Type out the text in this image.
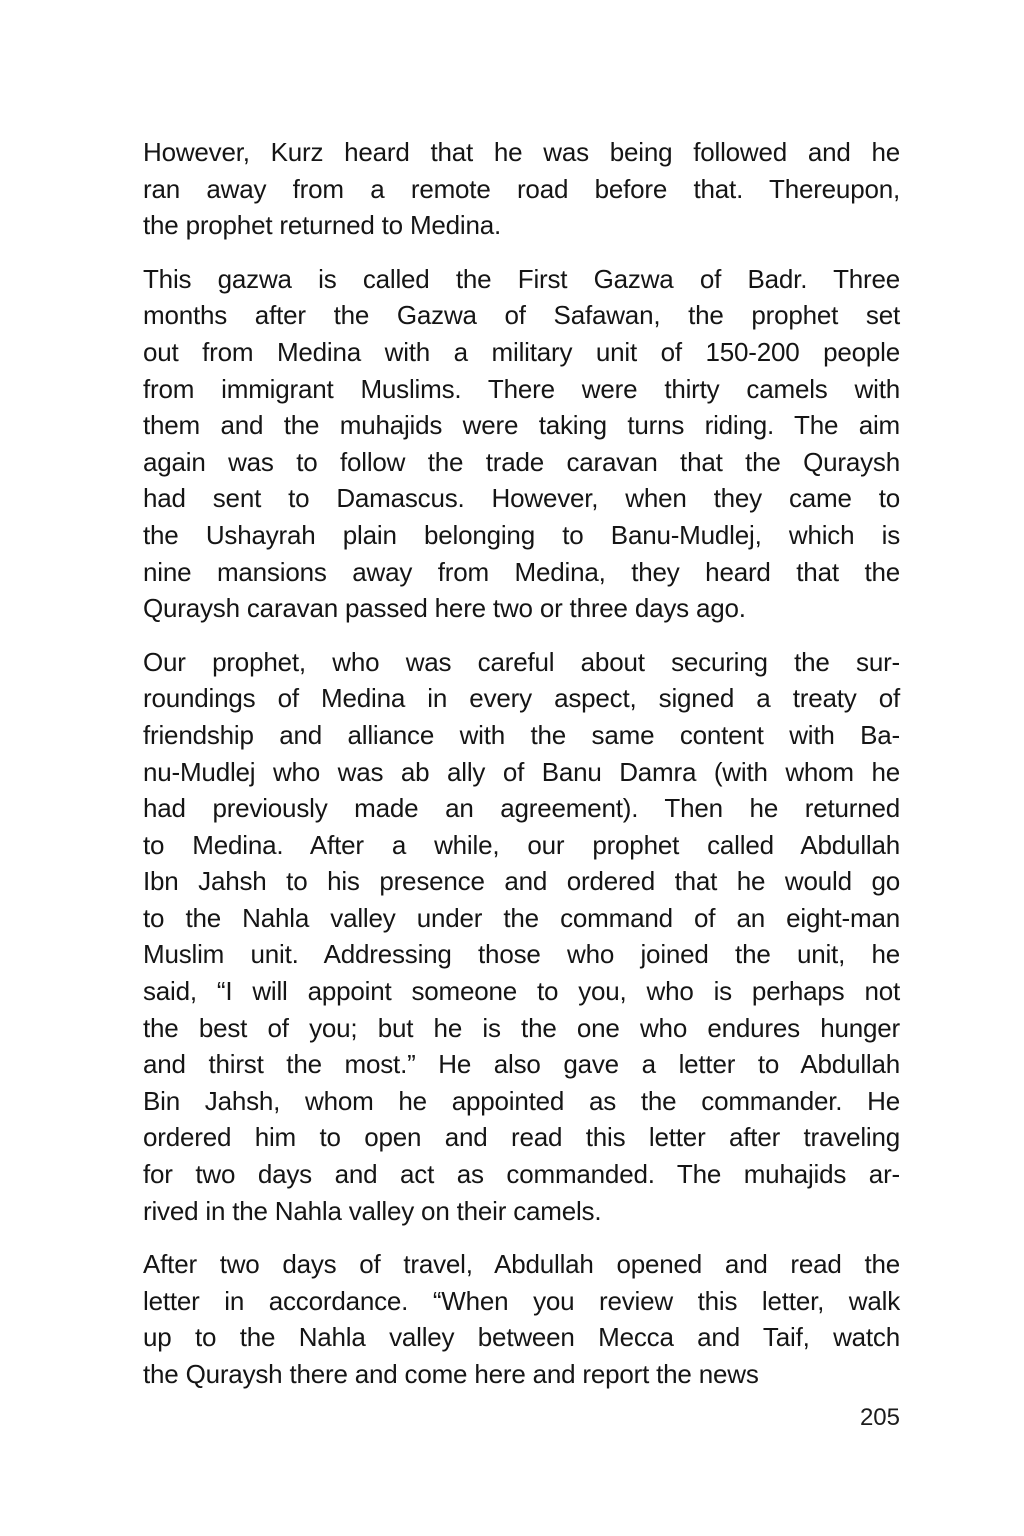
However, Kurz heard that he was being followed and he
ran away from a remote road before that. Thereupon,
the prophet returned to Medina.
This gazwa is called the First Gazwa of Badr. Three
months after the Gazwa of Safawan, the prophet set
out from Medina with a military unit of 150-200 people
from immigrant Muslims. There were thirty camels with
them and the muhajids were taking turns riding. The aim
again was to follow the trade caravan that the Quraysh
had sent to Damascus. However, when they came to
the Ushayrah plain belonging to Banu-Mudlej, which is
nine mansions away from Medina, they heard that the
Quraysh caravan passed here two or three days ago.
Our prophet, who was careful about securing the sur-
roundings of Medina in every aspect, signed a treaty of
friendship and alliance with the same content with Ba-
nu-Mudlej who was ab ally of Banu Damra (with whom he
had previously made an agreement). Then he returned
to Medina. After a while, our prophet called Abdullah
Ibn Jahsh to his presence and ordered that he would go
to the Nahla valley under the command of an eight-man
Muslim unit. Addressing those who joined the unit, he
said, “I will appoint someone to you, who is perhaps not
the best of you; but he is the one who endures hunger
and thirst the most.” He also gave a letter to Abdullah
Bin Jahsh, whom he appointed as the commander. He
ordered him to open and read this letter after traveling
for two days and act as commanded. The muhajids ar-
rived in the Nahla valley on their camels.
After two days of travel, Abdullah opened and read the
letter in accordance. “When you review this letter, walk
up to the Nahla valley between Mecca and Taif, watch
the Quraysh there and come here and report the news
205
